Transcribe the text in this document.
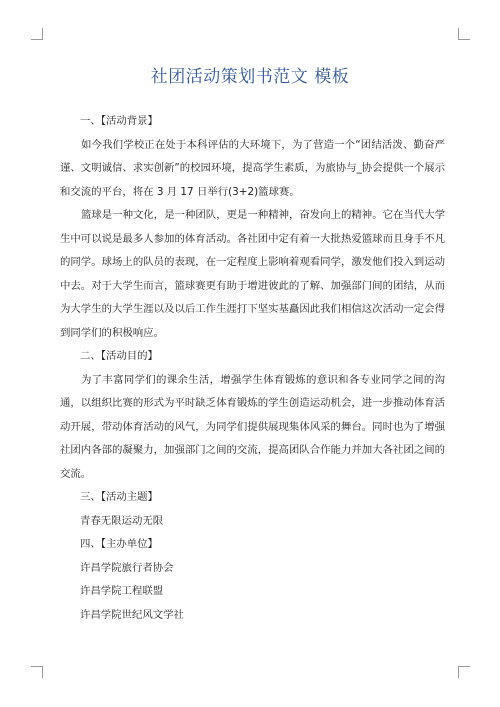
社团活动策划书范文 模板

一、【活动背景】

如今我们学校正在处于本科评估的大环境下，为了营造一个“团结活泼、勤奋严谨、文明诚信、求实创新”的校园环境，提高学生素质，为旅协与_协会提供一个展示和交流的平台，将在 3 月 17 日举行(3+2)篮球赛。

篮球是一种文化，是一种团队，更是一种精神，奋发向上的精神。它在当代大学生中可以说是最多人参加的体育活动。各社团中定有着一大批热爱篮球而且身手不凡的同学。球场上的队员的表现，在一定程度上影响着观看同学，激发他们投入到运动中去。对于大学生而言，篮球赛更有助于增进彼此的了解、加强部门间的团结，从而为大学生的大学生涯以及以后工作生涯打下坚实基矗因此我们相信这次活动一定会得到同学们的积极响应。

二、【活动目的】

为了丰富同学们的课余生活，增强学生体育锻炼的意识和各专业同学之间的沟通，以组织比赛的形式为平时缺乏体育锻炼的学生创造运动机会，进一步推动体育活动开展，带动体育活动的风气，为同学们提供展现集体风采的舞台。同时也为了增强社团内各部的凝聚力，加强部门之间的交流，提高团队合作能力并加大各社团之间的交流。

三、【活动主题】

青春无限运动无限

四、【主办单位】

许昌学院旅行者协会

许昌学院工程联盟

许昌学院世纪风文学社
